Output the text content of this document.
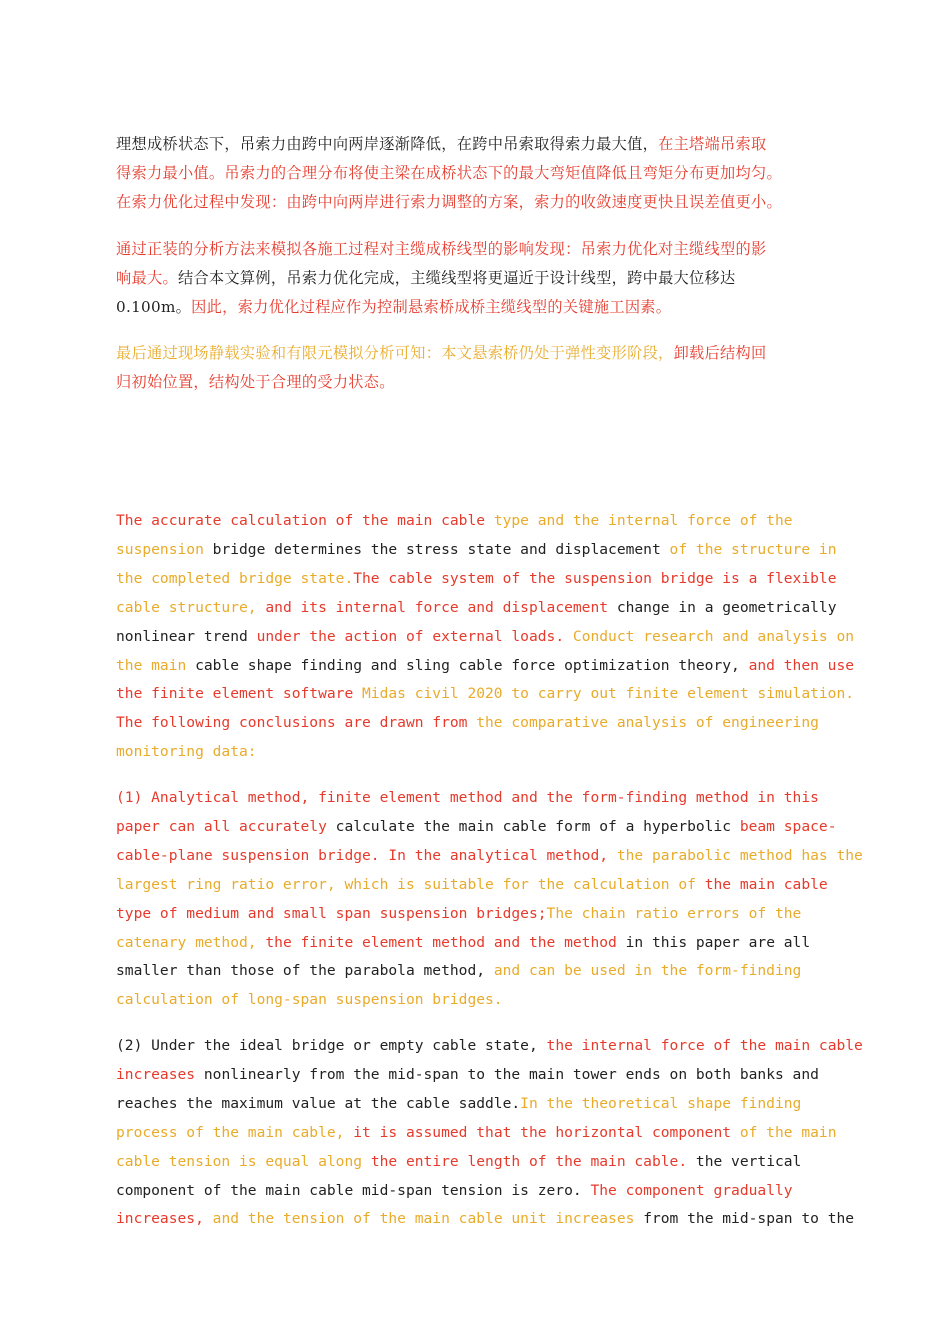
理想成桥状态下，吊索力由跨中向两岸逐渐降低，在跨中吊索取得索力最大值，在主塔端吊索取
得索力最小值。吊索力的合理分布将使主梁在成桥状态下的最大弯矩值降低且弯矩分布更加均匀。
在索力优化过程中发现：由跨中向两岸进行索力调整的方案，索力的收敛速度更快且误差值更小。
通过正装的分析方法来模拟各施工过程对主缆成桥线型的影响发现：吊索力优化对主缆线型的影
响最大。结合本文算例，吊索力优化完成，主缆线型将更逼近于设计线型，跨中最大位移达
0.100m。因此，索力优化过程应作为控制悬索桥成桥主缆线型的关键施工因素。
最后通过现场静载实验和有限元模拟分析可知：本文悬索桥仍处于弹性变形阶段，卸载后结构回
归初始位置，结构处于合理的受力状态。
The accurate calculation of the main cable type and the internal force of the
suspension bridge determines the stress state and displacement of the structure in
the completed bridge state.The cable system of the suspension bridge is a flexible
cable structure, and its internal force and displacement change in a geometrically
nonlinear trend under the action of external loads. Conduct research and analysis on
the main cable shape finding and sling cable force optimization theory, and then use
the finite element software Midas civil 2020 to carry out finite element simulation.
The following conclusions are drawn from the comparative analysis of engineering
monitoring data:
(1) Analytical method, finite element method and the form-finding method in this
paper can all accurately calculate the main cable form of a hyperbolic beam space-
cable-plane suspension bridge. In the analytical method, the parabolic method has the
largest ring ratio error, which is suitable for the calculation of the main cable
type of medium and small span suspension bridges;The chain ratio errors of the
catenary method, the finite element method and the method in this paper are all
smaller than those of the parabola method, and can be used in the form-finding
calculation of long-span suspension bridges.
(2) Under the ideal bridge or empty cable state, the internal force of the main cable
increases nonlinearly from the mid-span to the main tower ends on both banks and
reaches the maximum value at the cable saddle.In the theoretical shape finding
process of the main cable, it is assumed that the horizontal component of the main
cable tension is equal along the entire length of the main cable. the vertical
component of the main cable mid-span tension is zero. The component gradually
increases, and the tension of the main cable unit increases from the mid-span to the
